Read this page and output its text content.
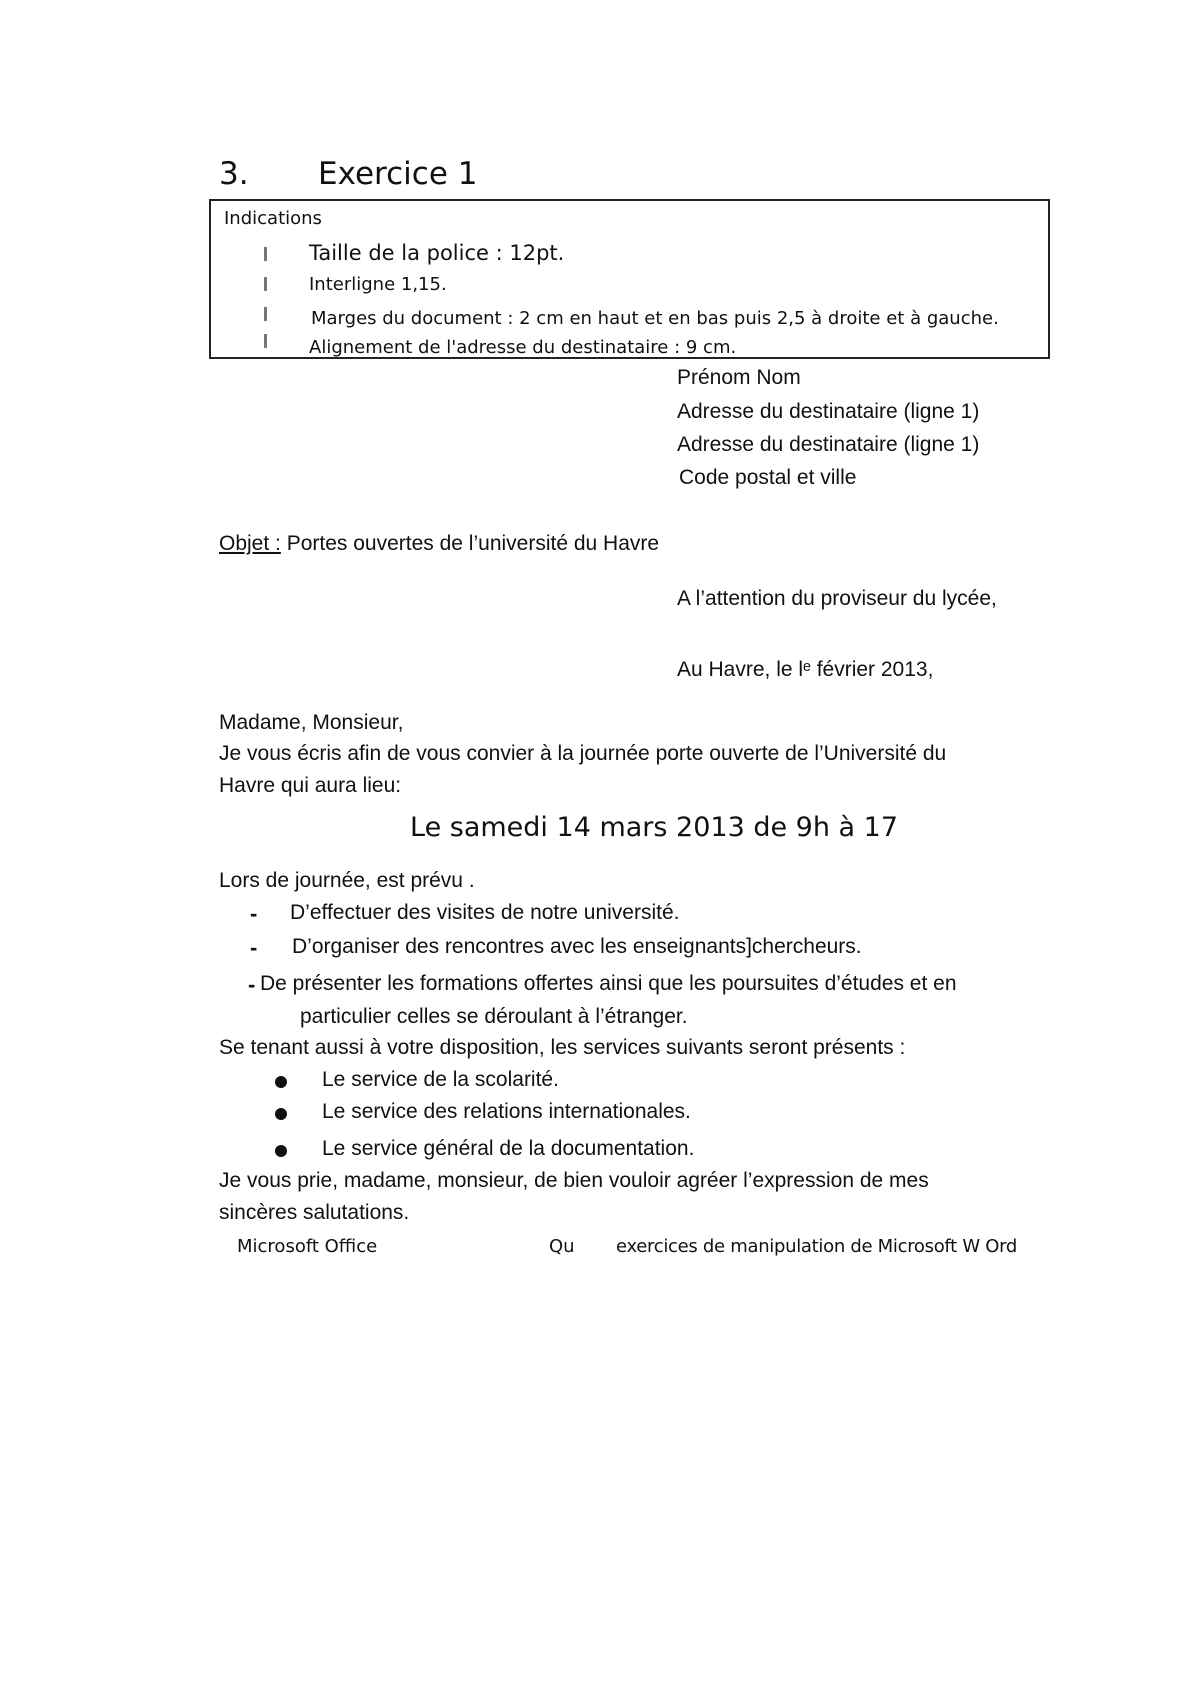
3. Exercice 1
Indications
Taille de la police : 12pt.
Interligne 1,15.
Marges du document : 2 cm en haut et en bas puis 2,5 à droite et à gauche.
Alignement de l'adresse du destinataire : 9 cm.
Prénom Nom
Adresse du destinataire (ligne 1)
Adresse du destinataire (ligne 1)
Code postal et ville
Objet : Portes ouvertes de l’université du Havre
A l’attention du proviseur du lycée,
Au Havre, le lᵉ février 2013,
Madame, Monsieur,
Je vous écris afin de vous convier à la journée porte ouverte de l’Université du
Havre qui aura lieu:
Le samedi 14 mars 2013 de 9h à 17
Lors de journée, est prévu .
- D’effectuer des visites de notre université.
- D’organiser des rencontres avec les enseignants]chercheurs.
- De présenter les formations offertes ainsi que les poursuites d’études et en
particulier celles se déroulant à l’étranger.
Se tenant aussi à votre disposition, les services suivants seront présents :
Le service de la scolarité.
Le service des relations internationales.
Le service général de la documentation.
Je vous prie, madame, monsieur, de bien vouloir agréer l’expression de mes
sincères salutations.
Microsoft Office	Qu exercices de manipulation de Microsoft W Ord
